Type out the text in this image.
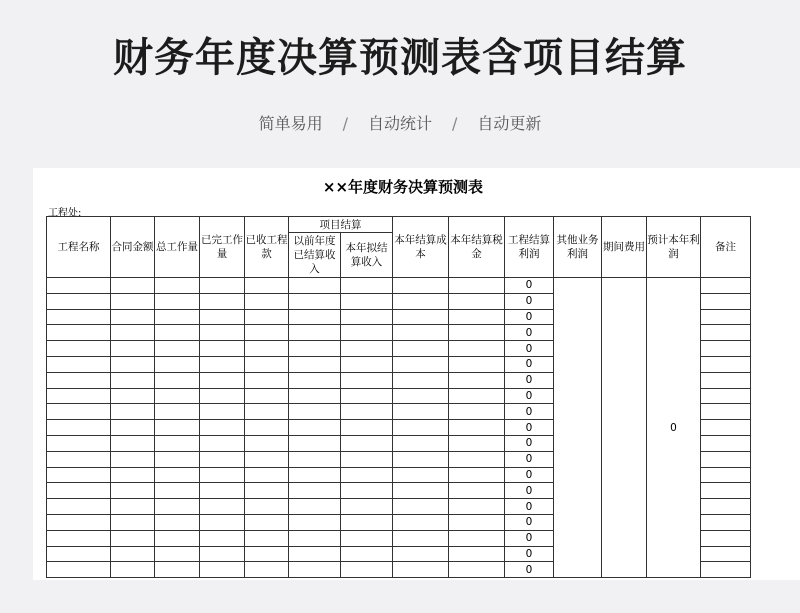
财务年度决算预测表含项目结算
简单易用 / 自动统计 / 自动更新
××年度财务决算预测表
工程处:
工程名称	合同金额	总工作量	已完工作量	已收工程款	项目结算		本年结算成本	本年结算税金	工程结算利润	其他业务利润	期间费用	预计本年利润	备注
					以前年度已结算收入	本年拟结算收入							
									0			0	
									0				
									0				
									0				
									0				
									0				
									0				
									0				
									0				
									0				
									0				
									0				
									0				
									0				
									0				
									0				
									0				
									0				
									0				
